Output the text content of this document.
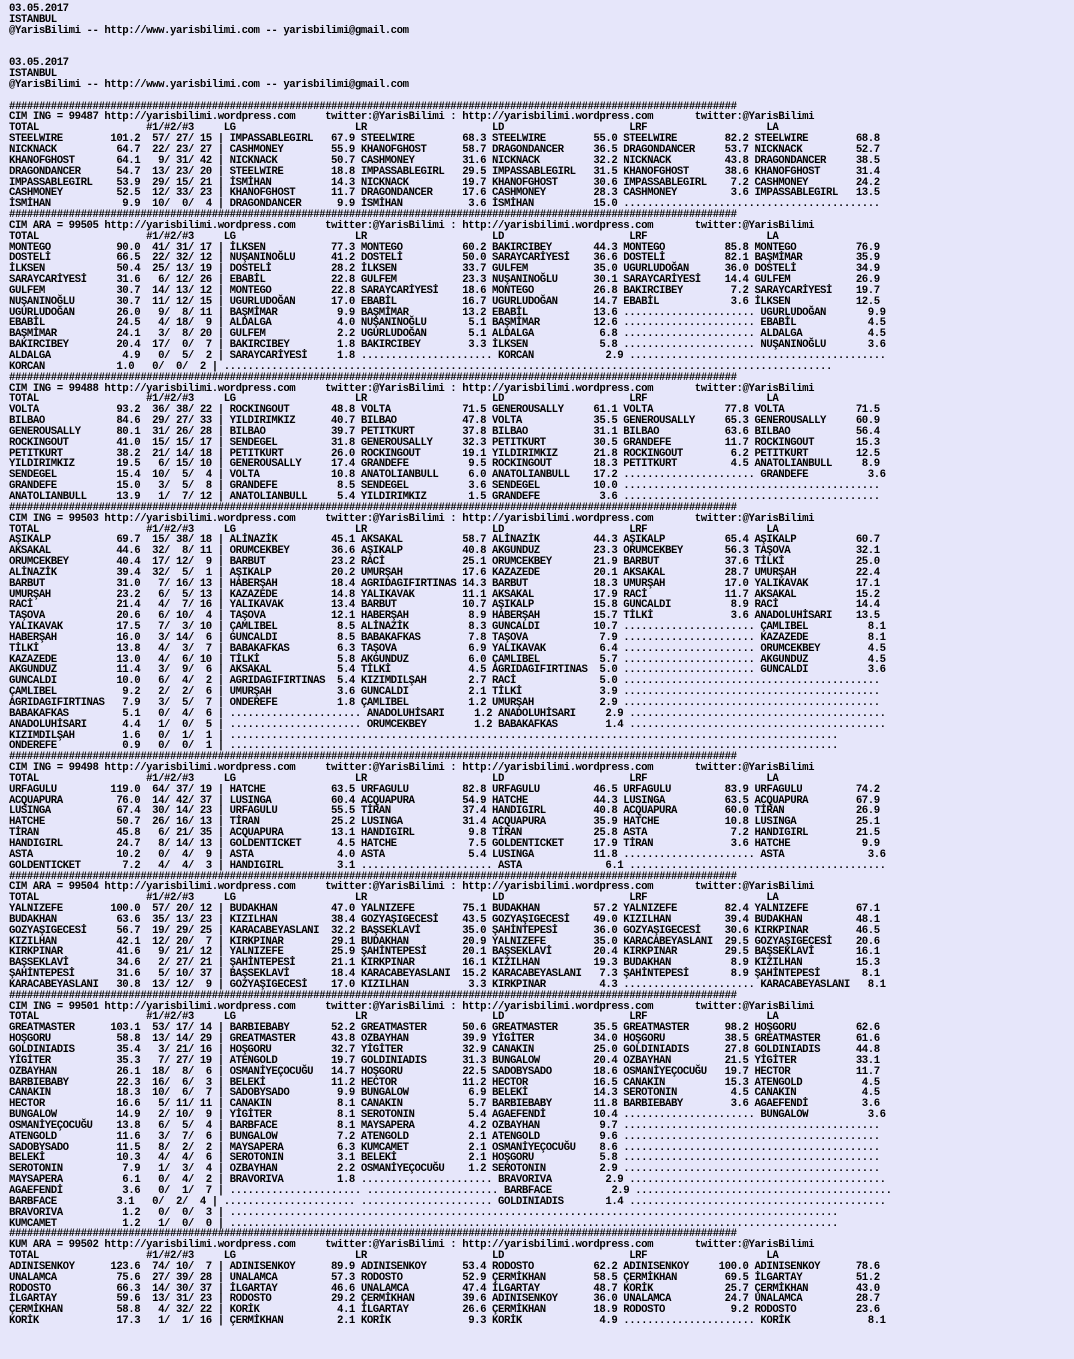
03.05.2017
ISTANBUL
@YarisBilimi -- http://www.yarisbilimi.com -- yarisbilimi@gmail.com

03.05.2017
ISTANBUL
@YarisBilimi -- http://www.yarisbilimi.com -- yarisbilimi@gmail.com

##########################################################################################################################
CIM ING = 99487 http://yarisbilimi.wordpress.com     twitter:@YarisBilimi : http://yarisbilimi.wordpress.com       twitter:@YarisBilimi
TOTAL                  #1/#2/#3     LG                    LR                     LD                     LRF                    LA
STEELWIRE        101.2  57/ 27/ 15 | IMPASSABLEGIRL   67.9 STEELWIRE        68.3 STEELWIRE        55.0 STEELWIRE        82.2 STEELWIRE        68.8
NICKNACK          64.7  22/ 23/ 27 | CASHMONEY        55.9 KHANOFGHOST      58.7 DRAGONDANCER     36.5 DRAGONDANCER     53.7 NICKNACK         52.7
KHANOFGHOST       64.1   9/ 31/ 42 | NICKNACK         50.7 CASHMONEY        31.6 NICKNACK         32.2 NICKNACK         43.8 DRAGONDANCER     38.5
DRAGONDANCER      54.7  13/ 23/ 20 | STEELWIRE        18.8 IMPASSABLEGIRL   29.5 IMPASSABLEGIRL   31.5 KHANOFGHOST      38.6 KHANOFGHOST      31.4
IMPASSABLEGIRL    53.9  29/ 15/ 21 | İSMİHAN          14.3 NICKNACK         19.7 KHANOFGHOST      30.6 IMPASSABLEGIRL    7.2 CASHMONEY        24.2
CASHMONEY         52.5  12/ 33/ 23 | KHANOFGHOST      11.7 DRAGONDANCER     17.6 CASHMONEY        28.3 CASHMONEY         3.6 IMPASSABLEGIRL   13.5
İSMİHAN            9.9  10/  0/  4 | DRAGONDANCER      9.9 İSMİHAN           3.6 İSMİHAN          15.0 ...........................................
##########################################################################################################################
CIM ARA = 99505 http://yarisbilimi.wordpress.com     twitter:@YarisBilimi : http://yarisbilimi.wordpress.com       twitter:@YarisBilimi
TOTAL                  #1/#2/#3     LG                    LR                     LD                     LRF                    LA
MONTEGO           90.0  41/ 31/ 17 | İLKSEN           77.3 MONTEGO          60.2 BAKIRCIBEY       44.3 MONTEGO          85.8 MONTEGO          76.9
DOSTELİ           66.5  22/ 32/ 12 | NUŞANINOĞLU      41.2 DOSTELİ          50.0 SARAYCARİYESİ    36.6 DOSTELİ          82.1 BAŞMİMAR         35.9
İLKSEN            50.4  25/ 13/ 19 | DOSTELİ          28.2 İLKSEN           33.7 GULFEM           35.0 UGURLUDOĞAN      36.0 DOSTELİ          34.9
SARAYCARİYESİ     31.6   6/ 12/ 26 | EBABİL           22.8 GULFEM           23.3 NUŞANINOĞLU      30.1 SARAYCARİYESİ    14.4 GULFEM           26.9
GULFEM            30.7  14/ 13/ 12 | MONTEGO          22.8 SARAYCARİYESİ    18.6 MONTEGO          26.8 BAKIRCIBEY        7.2 SARAYCARİYESİ    19.7
NUŞANINOĞLU       30.7  11/ 12/ 15 | UGURLUDOĞAN      17.0 EBABİL           16.7 UGURLUDOĞAN      14.7 EBABİL            3.6 İLKSEN           12.5
UGURLUDOĞAN       26.0   9/  8/ 11 | BAŞMİMAR          9.9 BAŞMİMAR         13.2 EBABİL           13.6 ...................... UGURLUDOĞAN       9.9
EBABİL            24.5   4/ 18/  9 | ALDALGA           4.0 NUŞANINOĞLU       5.1 BAŞMİMAR         12.6 ...................... EBABİL            4.5
BAŞMİMAR          24.1   3/  8/ 20 | GULFEM            2.2 UGURLUDOĞAN       5.1 ALDALGA           6.8 ...................... ALDALGA           4.5
BAKIRCIBEY        20.4  17/  0/  7 | BAKIRCIBEY        1.8 BAKIRCIBEY        3.3 İLKSEN            5.8 ...................... NUŞANINOĞLU       3.6
ALDALGA            4.9   0/  5/  2 | SARAYCARİYESİ     1.8 ...................... KORCAN            2.9 ...........................................
KORCAN            1.0   0/  0/  2 | ......................................................................................................
##########################################################################################################################
CIM ING = 99488 http://yarisbilimi.wordpress.com     twitter:@YarisBilimi : http://yarisbilimi.wordpress.com       twitter:@YarisBilimi
TOTAL                  #1/#2/#3     LG                    LR                     LD                     LRF                    LA
VOLTA             93.2  36/ 38/ 22 | ROCKINGOUT       48.8 VOLTA            71.5 GENEROUSALLY     61.1 VOLTA            77.8 VOLTA            71.5
BILBAO            84.6  29/ 27/ 33 | YILDIRIMKIZ      40.7 BILBAO           47.8 VOLTA            35.5 GENEROUSALLY     65.3 GENEROUSALLY     60.9
GENEROUSALLY      80.1  31/ 26/ 28 | BILBAO           39.7 PETITKURT        37.8 BILBAO           31.1 BILBAO           63.6 BILBAO           56.4
ROCKINGOUT        41.0  15/ 15/ 17 | SENDEGEL         31.8 GENEROUSALLY     32.3 PETITKURT        30.5 GRANDEFE         11.7 ROCKINGOUT       15.3
PETITKURT         38.2  21/ 14/ 18 | PETITKURT        26.0 ROCKINGOUT       19.1 YILDIRIMKIZ      21.8 ROCKINGOUT        6.2 PETITKURT        12.5
YILDIRIMKIZ       19.5   6/ 15/ 10 | GENEROUSALLY     17.4 GRANDEFE          9.5 ROCKINGOUT       18.3 PETITKURT         4.5 ANATOLIANBULL     8.9
SENDEGEL          15.4  10/  5/  4 | VOLTA            10.8 ANATOLIANBULL     6.0 ANATOLIANBULL    17.2 ...................... GRANDEFE          3.6
GRANDEFE          15.0   3/  5/  8 | GRANDEFE          8.5 SENDEGEL          3.6 SENDEGEL         10.0 ...........................................
ANATOLIANBULL     13.9   1/  7/ 12 | ANATOLIANBULL     5.4 YILDIRIMKIZ       1.5 GRANDEFE          3.6 ...........................................
##########################################################################################################################
CIM ING = 99503 http://yarisbilimi.wordpress.com     twitter:@YarisBilimi : http://yarisbilimi.wordpress.com       twitter:@YarisBilimi
TOTAL                  #1/#2/#3     LG                    LR                     LD                     LRF                    LA
AŞIKALP           69.7  15/ 38/ 18 | ALİNAZİK         45.1 AKSAKAL          58.7 ALİNAZİK         44.3 AŞIKALP          65.4 AŞIKALP          60.7
AKSAKAL           44.6  32/  8/ 11 | ORUMCEKBEY       36.6 AŞIKALP          40.8 AKGUNDUZ         23.3 ORUMCEKBEY       56.3 TAŞOVA           32.1
ORUMCEKBEY        40.4  17/ 12/  9 | BARBUT           23.2 RACİ             25.1 ORUMCEKBEY       21.9 BARBUT           37.6 TİLKİ            25.0
ALİNAZİK          39.4  32/  5/  1 | AŞIKALP          20.2 UMURŞAH          17.6 KAZAZEDE         20.1 AKSAKAL          28.7 UMURŞAH          22.4
BARBUT            31.0   7/ 16/ 13 | HABERŞAH         18.4 AGRIDAGIFIRTINAS 14.3 BARBUT           18.3 UMURŞAH          17.0 YALIKAVAK        17.1
UMURŞAH           23.2   6/  5/ 13 | KAZAZEDE         14.8 YALIKAVAK        11.1 AKSAKAL          17.9 RACİ             11.7 AKSAKAL          15.2
RACİ              21.4   4/  7/ 16 | YALIKAVAK        13.4 BARBUT           10.7 AŞIKALP          15.8 GUNCALDI          8.9 RACİ             14.4
TAŞOVA            20.6   6/ 10/  4 | TAŞOVA           12.1 HABERŞAH          8.9 HABERŞAH         15.7 TİLKİ             3.6 ANADOLUHİSARI    13.5
YALIKAVAK         17.5   7/  3/ 10 | ÇAMLIBEL          8.5 ALİNAZİK          8.3 GUNCALDI         10.7 ...................... ÇAMLIBEL          8.1
HABERŞAH          16.0   3/ 14/  6 | GUNCALDI          8.5 BABAKAFKAS        7.8 TAŞOVA            7.9 ...................... KAZAZEDE          8.1
TİLKİ             13.8   4/  3/  7 | BABAKAFKAS        6.3 TAŞOVA            6.9 YALIKAVAK         6.4 ...................... ORUMCEKBEY        4.5
KAZAZEDE          13.0   4/  6/ 10 | TİLKİ             5.8 AKGUNDUZ          6.0 ÇAMLIBEL          5.7 ...................... AKGUNDUZ          4.5
AKGUNDUZ          11.4   3/  9/  6 | AKSAKAL           5.4 TİLKİ             4.5 AGRIDAGIFIRTINAS  5.0 ...................... GUNCALDI          3.6
GUNCALDI          10.0   6/  4/  2 | AGRIDAGIFIRTINAS  5.4 KIZIMDILŞAH       2.7 RACİ              5.0 ...........................................
ÇAMLIBEL           9.2   2/  2/  6 | UMURŞAH           3.6 GUNCALDI          2.1 TİLKİ             3.9 ...........................................
AGRIDAGIFIRTINAS   7.9   3/  5/  7 | ONDEREFE          1.8 ÇAMLIBEL          1.2 UMURŞAH           2.9 ...........................................
BABAKAFKAS         5.1   0/  4/  6 | ...................... ANADOLUHİSARI     1.2 ANADOLUHİSARI     2.9 ...........................................
ANADOLUHİSARI      4.4   1/  0/  5 | ...................... ORUMCEKBEY        1.2 BABAKAFKAS        1.4 ...........................................
KIZIMDILŞAH        1.6   0/  1/  1 | ......................................................................................................
ONDEREFE           0.9   0/  0/  1 | ......................................................................................................
##########################################################################################################################
CIM ING = 99498 http://yarisbilimi.wordpress.com     twitter:@YarisBilimi : http://yarisbilimi.wordpress.com       twitter:@YarisBilimi
TOTAL                  #1/#2/#3     LG                    LR                     LD                     LRF                    LA
URFAGULU         119.0  64/ 37/ 19 | HATCHE           63.5 URFAGULU         82.8 URFAGULU         46.5 URFAGULU         83.9 URFAGULU         74.2
ACQUAPURA         76.0  14/ 42/ 37 | LUSINGA          60.4 ACQUAPURA        54.9 HATCHE           44.3 LUSINGA          63.5 ACQUAPURA        67.9
LUSINGA           67.4  30/ 14/ 23 | URFAGULU         55.5 TİRAN            37.4 HANDIGIRL        40.8 ACQUAPURA        60.0 TİRAN            26.9
HATCHE            50.7  26/ 16/ 13 | TİRAN            25.2 LUSINGA          31.4 ACQUAPURA        35.9 HATCHE           10.8 LUSINGA          25.1
TİRAN             45.8   6/ 21/ 35 | ACQUAPURA        13.1 HANDIGIRL         9.8 TİRAN            25.8 ASTA              7.2 HANDIGIRL        21.5
HANDIGIRL         24.7   8/ 14/ 13 | GOLDENTICKET      4.5 HATCHE            7.5 GOLDENTICKET     17.9 TİRAN             3.6 HATCHE            9.9
ASTA              10.2   0/  4/  9 | ASTA              4.0 ASTA              5.4 LUSINGA          11.8 ...................... ASTA              3.6
GOLDENTICKET       7.2   4/  4/  3 | HANDIGIRL         3.1 ...................... ASTA              6.1 ...........................................
##########################################################################################################################
CIM ARA = 99504 http://yarisbilimi.wordpress.com     twitter:@YarisBilimi : http://yarisbilimi.wordpress.com       twitter:@YarisBilimi
TOTAL                  #1/#2/#3     LG                    LR                     LD                     LRF                    LA
YALNIZEFE        100.0  57/ 20/ 12 | BUDAKHAN         47.0 YALNIZEFE        75.1 BUDAKHAN         57.2 YALNIZEFE        82.4 YALNIZEFE        67.1
BUDAKHAN          63.6  35/ 13/ 23 | KIZILHAN         38.4 GOZYAŞIGECESİ    43.5 GOZYAŞIGECESİ    49.0 KIZILHAN         39.4 BUDAKHAN         48.1
GOZYAŞIGECESİ     56.7  19/ 29/ 25 | KARACABEYASLANI  32.2 BAŞSEKLAVİ       35.0 ŞAHİNTEPESİ      36.0 GOZYAŞIGECESİ    30.6 KIRKPINAR        46.5
KIZILHAN          42.1  12/ 20/  7 | KIRKPINAR        29.1 BUDAKHAN         20.9 YALNIZEFE        35.0 KARACABEYASLANI  29.5 GOZYAŞIGECESİ    20.6
KIRKPINAR         41.6   9/ 21/ 12 | YALNIZEFE        25.9 ŞAHİNTEPESİ      20.1 BAŞSEKLAVİ       20.4 KIRKPINAR        29.5 BAŞSEKLAVİ       16.1
BAŞSEKLAVİ        34.6   2/ 27/ 21 | ŞAHİNTEPESİ      21.1 KIRKPINAR        16.1 KIZILHAN         19.3 BUDAKHAN          8.9 KIZILHAN         15.3
ŞAHİNTEPESİ       31.6   5/ 10/ 37 | BAŞSEKLAVİ       18.4 KARACABEYASLANI  15.2 KARACABEYASLANI   7.3 ŞAHİNTEPESİ       8.9 ŞAHİNTEPESİ       8.1
KARACABEYASLANI   30.8  13/ 12/  9 | GOZYAŞIGECESİ    17.0 KIZILHAN          3.3 KIRKPINAR         4.3 ...................... KARACABEYASLANI   8.1
##########################################################################################################################
CIM ING = 99501 http://yarisbilimi.wordpress.com     twitter:@YarisBilimi : http://yarisbilimi.wordpress.com       twitter:@YarisBilimi
TOTAL                  #1/#2/#3     LG                    LR                     LD                     LRF                    LA
GREATMASTER      103.1  53/ 17/ 14 | BARBIEBABY       52.2 GREATMASTER      50.6 GREATMASTER      35.5 GREATMASTER      98.2 HOŞGORU          62.6
HOŞGORU           58.8  13/ 14/ 29 | GREATMASTER      43.8 OZBAYHAN         39.9 YİGİTER          34.0 HOŞGORU          38.5 GREATMASTER      61.6
GOLDINIADIS       35.4   3/ 21/ 16 | HOŞGORU          32.7 YİGİTER          32.9 CANAKIN          25.0 GOLDINIADIS      27.8 GOLDINIADIS      44.8
YİGİTER           35.3   7/ 27/ 19 | ATENGOLD         19.7 GOLDINIADIS      31.3 BUNGALOW         20.4 OZBAYHAN         21.5 YİGİTER          33.1
OZBAYHAN          26.1  18/  8/  6 | OSMANİYEÇOCUĞU   14.7 HOŞGORU          22.5 SADOBYSADO       18.6 OSMANİYEÇOCUĞU   19.7 HECTOR           11.7
BARBIEBABY        22.3  16/  6/  3 | BELEKİ           11.2 HECTOR           11.2 HECTOR           16.5 CANAKIN          15.3 ATENGOLD          4.5
CANAKIN           18.3  10/  6/  7 | SADOBYSADO        9.9 BUNGALOW          6.9 BELEKİ           14.3 SEROTONIN         4.5 CANAKIN           4.5
HECTOR            16.6   5/ 11/ 11 | CANAKIN           8.1 CANAKIN           5.7 BARBIEBABY       11.8 BARBIEBABY        3.6 AGAEFENDİ         3.6
BUNGALOW          14.9   2/ 10/  9 | YİGİTER           8.1 SEROTONIN         5.4 AGAEFENDİ        10.4 ...................... BUNGALOW          3.6
OSMANİYEÇOCUĞU    13.8   6/  5/  4 | BARBFACE          8.1 MAYSAPERA         4.2 OZBAYHAN          9.7 ...........................................
ATENGOLD          11.6   3/  7/  6 | BUNGALOW          7.2 ATENGOLD          2.1 ATENGOLD          9.6 ...........................................
SADOBYSADO        11.5   8/  2/  2 | MAYSAPERA         6.3 KUMCAMET          2.1 OSMANİYEÇOCUĞU    8.6 ...........................................
BELEKİ            10.3   4/  4/  6 | SEROTONIN         3.1 BELEKİ            2.1 HOŞGORU           5.8 ...........................................
SEROTONIN          7.9   1/  3/  4 | OZBAYHAN          2.2 OSMANİYEÇOCUĞU    1.2 SEROTONIN         2.9 ...........................................
MAYSAPERA          6.1   0/  4/  2 | BRAVORIVA         1.8 ...................... BRAVORIVA         2.9 ...........................................
AGAEFENDİ          3.6   0/  1/  7 | ...................... ...................... BARBFACE          2.9 ...........................................
BARBFACE          3.1   0/  2/  4 | ...................... ...................... GOLDINIADIS       1.4 ...........................................
BRAVORIVA          1.2   0/  0/  3 | ......................................................................................................
KUMCAMET           1.2   1/  0/  0 | ......................................................................................................
##########################################################################################################################
KUM ARA = 99502 http://yarisbilimi.wordpress.com     twitter:@YarisBilimi : http://yarisbilimi.wordpress.com       twitter:@YarisBilimi
TOTAL                  #1/#2/#3     LG                    LR                     LD                     LRF                    LA
ADINISENKOY      123.6  74/ 10/  7 | ADINISENKOY      89.9 ADINISENKOY      53.4 RODOSTO          62.2 ADINISENKOY     100.0 ADINISENKOY      78.6
UNALAMCA          75.6  27/ 39/ 28 | UNALAMCA         57.3 RODOSTO          52.9 ÇERMİKHAN        58.5 ÇERMİKHAN        69.5 İLGARTAY         51.2
RODOSTO           66.3  14/ 30/ 37 | İLGARTAY         46.6 UNALAMCA         47.4 İLGARTAY         48.7 KORİK            25.7 ÇERMİKHAN        43.0
İLGARTAY          59.6  13/ 31/ 23 | RODOSTO          29.2 ÇERMİKHAN        39.6 ADINISENKOY      36.0 UNALAMCA         24.7 UNALAMCA         28.7
ÇERMİKHAN         58.8   4/ 32/ 22 | KORİK             4.1 İLGARTAY         26.6 ÇERMİKHAN        18.9 RODOSTO           9.2 RODOSTO          23.6
KORİK             17.3   1/  1/ 16 | ÇERMİKHAN         2.1 KORİK             9.3 KORİK             4.9 ...................... KORİK             8.1
